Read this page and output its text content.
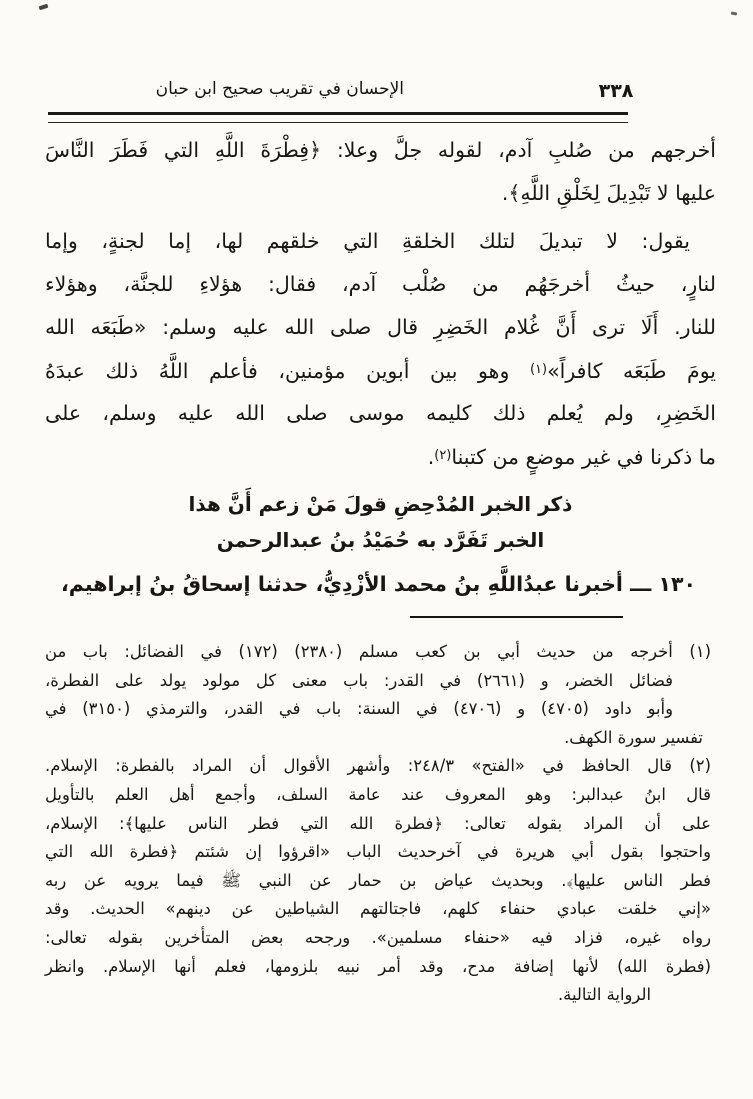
الإحسان في تقريب صحيح ابن حبان	٣٣٨
أخرجهم من صُلبِ آدم، لقوله جلَّ وعلا: ﴿فِطْرَةَ اللَّهِ التي فَطَرَ النَّاسَ
عليها لا تَبْدِيلَ لِخَلْقِ اللَّهِ﴾.
يقول: لا تبديلَ لتلك الخلقةِ التي خلقهم لها، إما لجنةٍ، وإما
لنارٍ، حيثُ أخرجَهُم من صُلْب آدم، فقال: هؤلاءِ للجنَّة، وهؤلاء
للنار. أَلَا ترى أَنَّ غُلام الخَضِرِ قال صلى الله عليه وسلم: «طَبَعَه الله
يومَ طَبَعَه كافراً»$^{(١)}$ وهو بين أبوين مؤمنين، فأعلم اللَّهُ ذلك عبدَهُ
الخَضِرِ، ولم يُعلم ذلك كليمه موسى صلى الله عليه وسلم، على
ما ذكرنا في غير موضعٍ من كتبنا$^{(٢)}$.
ذكر الخبر المُدْحِضِ قولَ مَنْ زعم أَنَّ هذا
الخبر تَفَرَّد به حُمَيْدُ بنُ عبدالرحمن
١٣٠ ـــ أخبرنا عبدُاللَّهِ بنُ محمد الأزْدِيُّ، حدثنا إسحاقُ بنُ إبراهيم،
(١) أخرجه من حديث أبي بن كعب مسلم (٢٣٨٠) (١٧٢) في الفضائل: باب من
فضائل الخضر، و (٢٦٦١) في القدر: باب معنى كل مولود يولد على الفطرة،
وأبو داود (٤٧٠٥) و (٤٧٠٦) في السنة: باب في القدر، والترمذي (٣١٥٠) في
تفسير سورة الكهف.
(٢) قال الحافظ في «الفتح» ٢٤٨/٣: وأشهر الأقوال أن المراد بالفطرة: الإسلام.
قال ابنُ عبدالبر: وهو المعروف عند عامة السلف، وأجمع أهل العلم بالتأويل
على أن المراد بقوله تعالى: ﴿فطرة الله التي فطر الناس عليها﴾: الإسلام،
واحتجوا بقول أبي هريرة في آخرحديث الباب «اقرؤوا إن شئتم ﴿فطرة الله التي
فطر الناس عليها﴾. وبحديث عياض بن حمار عن النبي ﷺ فيما يرويه عن ربه
«إني خلقت عبادي حنفاء كلهم، فاجتالتهم الشياطين عن دينهم» الحديث. وقد
رواه غيره، فزاد فيه «حنفاء مسلمين». ورجحه بعض المتأخرين بقوله تعالى:
(فطرة الله) لأنها إضافة مدح، وقد أمر نبيه بلزومها، فعلم أنها الإسلام. وانظر
الرواية التالية.
